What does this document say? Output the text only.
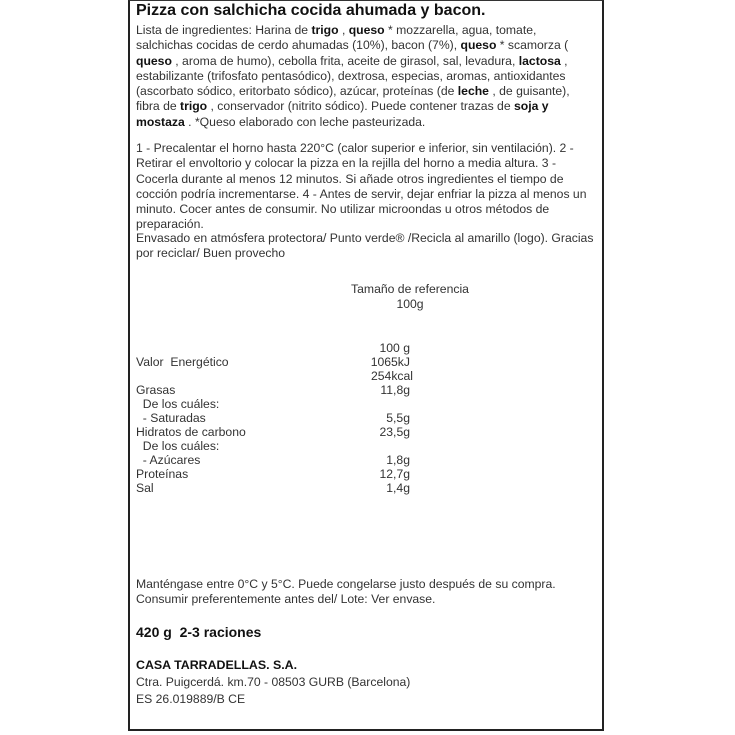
Pizza con salchicha cocida ahumada y bacon.
Lista de ingredientes: Harina de trigo , queso * mozzarella, agua, tomate, salchichas cocidas de cerdo ahumadas (10%), bacon (7%), queso * scamorza ( queso , aroma de humo), cebolla frita, aceite de girasol, sal, levadura, lactosa , estabilizante (trifosfato pentasódico), dextrosa, especias, aromas, antioxidantes (ascorbato sódico, eritorbato sódico), azúcar, proteínas (de leche , de guisante), fibra de trigo , conservador (nitrito sódico). Puede contener trazas de soja y mostaza . *Queso elaborado con leche pasteurizada.
1 - Precalentar el horno hasta 220°C (calor superior e inferior, sin ventilación). 2 - Retirar el envoltorio y colocar la pizza en la rejilla del horno a media altura. 3 - Cocerla durante al menos 12 minutos. Si añade otros ingredientes el tiempo de cocción podría incrementarse. 4 - Antes de servir, dejar enfriar la pizza al menos un minuto. Cocer antes de consumir. No utilizar microondas u otros métodos de preparación.
Envasado en atmósfera protectora/ Punto verde® /Recicla al amarillo (logo). Gracias por reciclar/ Buen provecho
Tamaño de referencia
100g
100 g
Valor  Energético	1065kJ
254kcal
Grasas	11,8g
De los cuáles:
- Saturadas	5,5g
Hidratos de carbono	23,5g
De los cuáles:
- Azúcares	1,8g
Proteínas	12,7g
Sal	1,4g
Manténgase entre 0°C y 5°C. Puede congelarse justo después de su compra. Consumir preferentemente antes del/ Lote: Ver envase.
420 g  2-3 raciones
CASA TARRADELLAS. S.A.
Ctra. Puigcerdá. km.70 - 08503 GURB (Barcelona)
ES 26.019889/B CE
